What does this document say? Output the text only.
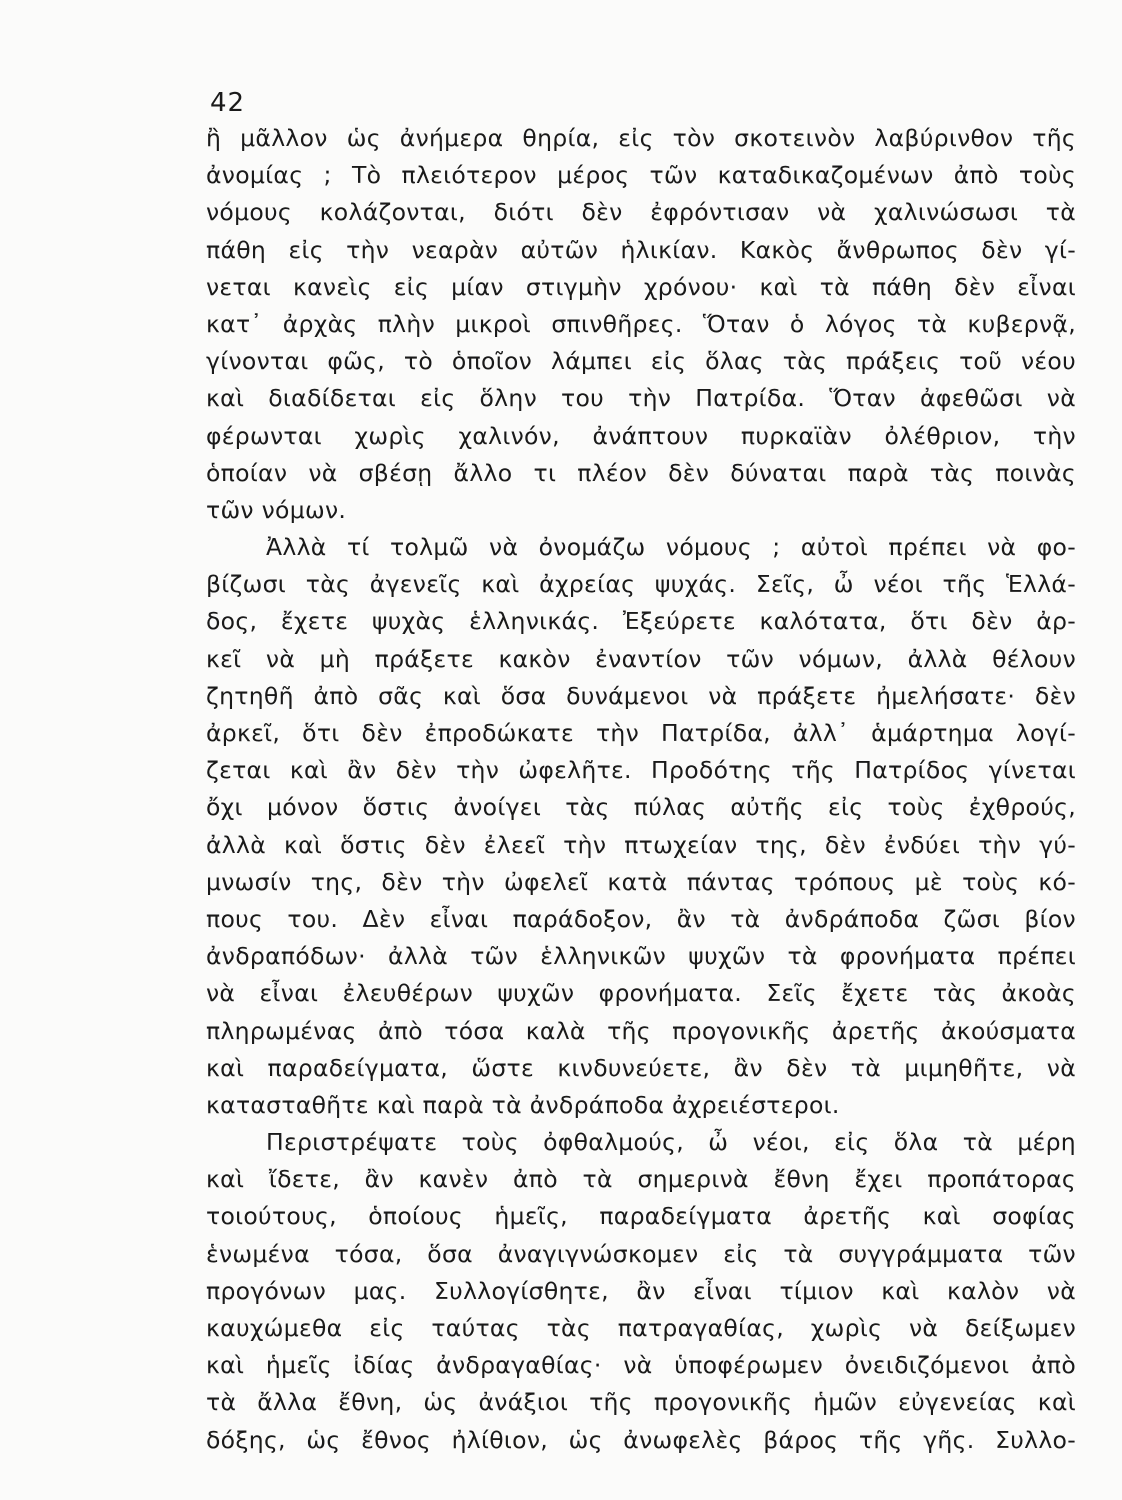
42
ἢ μᾶλλον ὡς ἀνήμερα θηρία, εἰς τὸν σκοτεινὸν λαβύρινθον τῆς
ἀνομίας ; Τὸ πλειότερον μέρος τῶν καταδικαζομένων ἀπὸ τοὺς
νόμους κολάζονται, διότι δὲν ἐφρόντισαν νὰ χαλινώσωσι τὰ
πάθη εἰς τὴν νεαρὰν αὐτῶν ἡλικίαν. Κακὸς ἄνθρωπος δὲν γί-
νεται κανεὶς εἰς μίαν στιγμὴν χρόνου· καὶ τὰ πάθη δὲν εἶναι
κατ᾽ ἀρχὰς πλὴν μικροὶ σπινθῆρες. Ὅταν ὁ λόγος τὰ κυβερνᾷ,
γίνονται φῶς, τὸ ὁποῖον λάμπει εἰς ὅλας τὰς πράξεις τοῦ νέου
καὶ διαδίδεται εἰς ὅλην του τὴν Πατρίδα. Ὅταν ἀφεθῶσι νὰ
φέρωνται χωρὶς χαλινόν, ἀνάπτουν πυρκαϊὰν ὀλέθριον, τὴν
ὁποίαν νὰ σβέσῃ ἄλλο τι πλέον δὲν δύναται παρὰ τὰς ποινὰς
τῶν νόμων.
Ἀλλὰ τί τολμῶ νὰ ὀνομάζω νόμους ; αὐτοὶ πρέπει νὰ φο-
βίζωσι τὰς ἀγενεῖς καὶ ἀχρείας ψυχάς. Σεῖς, ὦ νέοι τῆς Ἑλλά-
δος, ἔχετε ψυχὰς ἑλληνικάς. Ἐξεύρετε καλότατα, ὅτι δὲν ἀρ-
κεῖ νὰ μὴ πράξετε κακὸν ἐναντίον τῶν νόμων, ἀλλὰ θέλουν
ζητηθῆ ἀπὸ σᾶς καὶ ὅσα δυνάμενοι νὰ πράξετε ἠμελήσατε· δὲν
ἀρκεῖ, ὅτι δὲν ἐπροδώκατε τὴν Πατρίδα, ἀλλ᾽ ἁμάρτημα λογί-
ζεται καὶ ἂν δὲν τὴν ὠφελῆτε. Προδότης τῆς Πατρίδος γίνεται
ὄχι μόνον ὅστις ἀνοίγει τὰς πύλας αὐτῆς εἰς τοὺς ἐχθρούς,
ἀλλὰ καὶ ὅστις δὲν ἐλεεῖ τὴν πτωχείαν της, δὲν ἐνδύει τὴν γύ-
μνωσίν της, δὲν τὴν ὠφελεῖ κατὰ πάντας τρόπους μὲ τοὺς κό-
πους του. Δὲν εἶναι παράδοξον, ἂν τὰ ἀνδράποδα ζῶσι βίον
ἀνδραπόδων· ἀλλὰ τῶν ἑλληνικῶν ψυχῶν τὰ φρονήματα πρέπει
νὰ εἶναι ἐλευθέρων ψυχῶν φρονήματα. Σεῖς ἔχετε τὰς ἀκοὰς
πληρωμένας ἀπὸ τόσα καλὰ τῆς προγονικῆς ἀρετῆς ἀκούσματα
καὶ παραδείγματα, ὥστε κινδυνεύετε, ἂν δὲν τὰ μιμηθῆτε, νὰ
κατασταθῆτε καὶ παρὰ τὰ ἀνδράποδα ἀχρειέστεροι.
Περιστρέψατε τοὺς ὀφθαλμούς, ὦ νέοι, εἰς ὅλα τὰ μέρη
καὶ ἴδετε, ἂν κανὲν ἀπὸ τὰ σημερινὰ ἔθνη ἔχει προπάτορας
τοιούτους, ὁποίους ἡμεῖς, παραδείγματα ἀρετῆς καὶ σοφίας
ἑνωμένα τόσα, ὅσα ἀναγιγνώσκομεν εἰς τὰ συγγράμματα τῶν
προγόνων μας. Συλλογίσθητε, ἂν εἶναι τίμιον καὶ καλὸν νὰ
καυχώμεθα εἰς ταύτας τὰς πατραγαθίας, χωρὶς νὰ δείξωμεν
καὶ ἡμεῖς ἰδίας ἀνδραγαθίας· νὰ ὑποφέρωμεν ὀνειδιζόμενοι ἀπὸ
τὰ ἄλλα ἔθνη, ὡς ἀνάξιοι τῆς προγονικῆς ἡμῶν εὐγενείας καὶ
δόξης, ὡς ἔθνος ἠλίθιον, ὡς ἀνωφελὲς βάρος τῆς γῆς. Συλλο-
